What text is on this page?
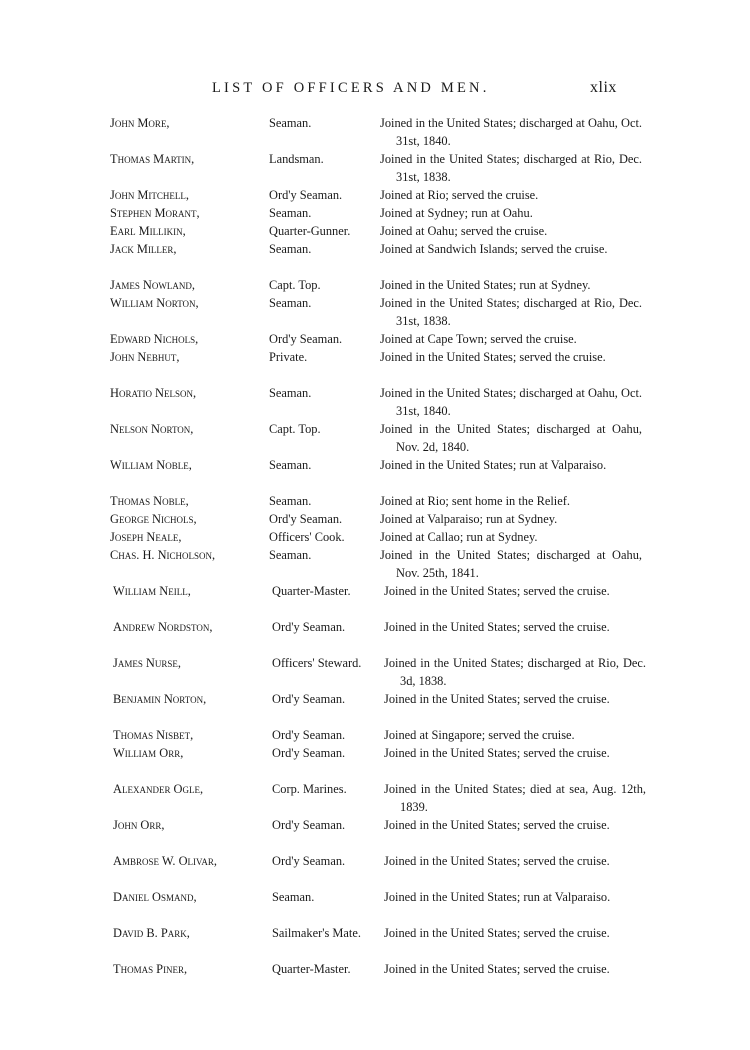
LIST OF OFFICERS AND MEN.	xlix
John More,	Seaman.	Joined in the United States; discharged at Oahu, Oct. 31st, 1840.
Thomas Martin,	Landsman.	Joined in the United States; discharged at Rio, Dec. 31st, 1838.
John Mitchell,	Ord'y Seaman.	Joined at Rio; served the cruise.
Stephen Morant,	Seaman.	Joined at Sydney; run at Oahu.
Earl Millikin,	Quarter-Gunner. Joined at Oahu; served the cruise.
Jack Miller,	Seaman.	Joined at Sandwich Islands; served the cruise.
James Nowland,	Capt. Top.	Joined in the United States; run at Sydney.
William Norton,	Seaman.	Joined in the United States; discharged at Rio, Dec. 31st, 1838.
Edward Nichols,	Ord'y Seaman.	Joined at Cape Town; served the cruise.
John Nebhut,	Private.	Joined in the United States; served the cruise.
Horatio Nelson,	Seaman.	Joined in the United States; discharged at Oahu, Oct. 31st, 1840.
Nelson Norton,	Capt. Top.	Joined in the United States; discharged at Oahu, Nov. 2d, 1840.
William Noble,	Seaman.	Joined in the United States; run at Valparaiso.
Thomas Noble,	Seaman.	Joined at Rio; sent home in the Relief.
George Nichols,	Ord'y Seaman.	Joined at Valparaiso; run at Sydney.
Joseph Neale,	Officers' Cook.	Joined at Callao; run at Sydney.
Chas. H. Nicholson,	Seaman.	Joined in the United States; discharged at Oahu, Nov. 25th, 1841.
William Neill,	Quarter-Master.	Joined in the United States; served the cruise.
Andrew Nordston,	Ord'y Seaman.	Joined in the United States; served the cruise.
James Nurse,	Officers' Steward. Joined in the United States; discharged at Rio, Dec. 3d, 1838.
Benjamin Norton,	Ord'y Seaman.	Joined in the United States; served the cruise.
Thomas Nisbet,	Ord'y Seaman.	Joined at Singapore; served the cruise.
William Orr,	Ord'y Seaman.	Joined in the United States; served the cruise.
Alexander Ogle,	Corp. Marines.	Joined in the United States; died at sea, Aug. 12th, 1839.
John Orr,	Ord'y Seaman.	Joined in the United States; served the cruise.
Ambrose W. Olivar,	Ord'y Seaman.	Joined in the United States; served the cruise.
Daniel Osmand,	Seaman.	Joined in the United States; run at Valparaiso.
David B. Park,	Sailmaker's Mate. Joined in the United States; served the cruise.
Thomas Piner,	Quarter-Master.	Joined in the United States; served the cruise.
